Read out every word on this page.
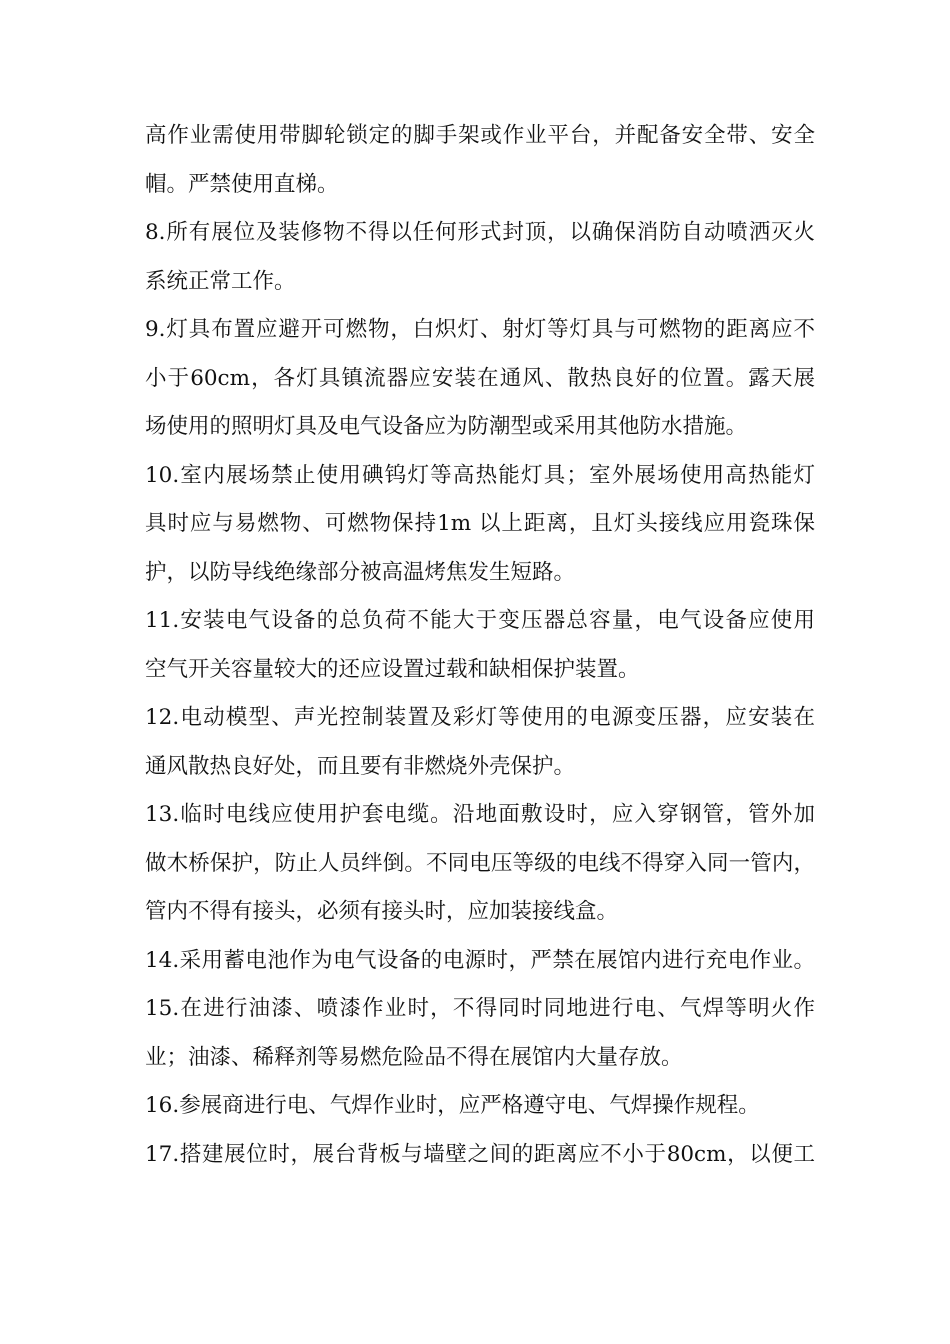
高作业需使用带脚轮锁定的脚手架或作业平台，并配备安全带、安全
帽。严禁使用直梯。
8.所有展位及装修物不得以任何形式封顶，以确保消防自动喷洒灭火
系统正常工作。
9.灯具布置应避开可燃物，白炽灯、射灯等灯具与可燃物的距离应不
小于60cm，各灯具镇流器应安装在通风、散热良好的位置。露天展
场使用的照明灯具及电气设备应为防潮型或采用其他防水措施。
10.室内展场禁止使用碘钨灯等高热能灯具；室外展场使用高热能灯
具时应与易燃物、可燃物保持1m 以上距离，且灯头接线应用瓷珠保
护，以防导线绝缘部分被高温烤焦发生短路。
11.安装电气设备的总负荷不能大于变压器总容量，电气设备应使用
空气开关容量较大的还应设置过载和缺相保护装置。
12.电动模型、声光控制装置及彩灯等使用的电源变压器，应安装在
通风散热良好处，而且要有非燃烧外壳保护。
13.临时电线应使用护套电缆。沿地面敷设时，应入穿钢管，管外加
做木桥保护，防止人员绊倒。不同电压等级的电线不得穿入同一管内，
管内不得有接头，必须有接头时，应加装接线盒。
14.采用蓄电池作为电气设备的电源时，严禁在展馆内进行充电作业。
15.在进行油漆、喷漆作业时，不得同时同地进行电、气焊等明火作
业；油漆、稀释剂等易燃危险品不得在展馆内大量存放。
16.参展商进行电、气焊作业时，应严格遵守电、气焊操作规程。
17.搭建展位时，展台背板与墙壁之间的距离应不小于80cm，以便工
